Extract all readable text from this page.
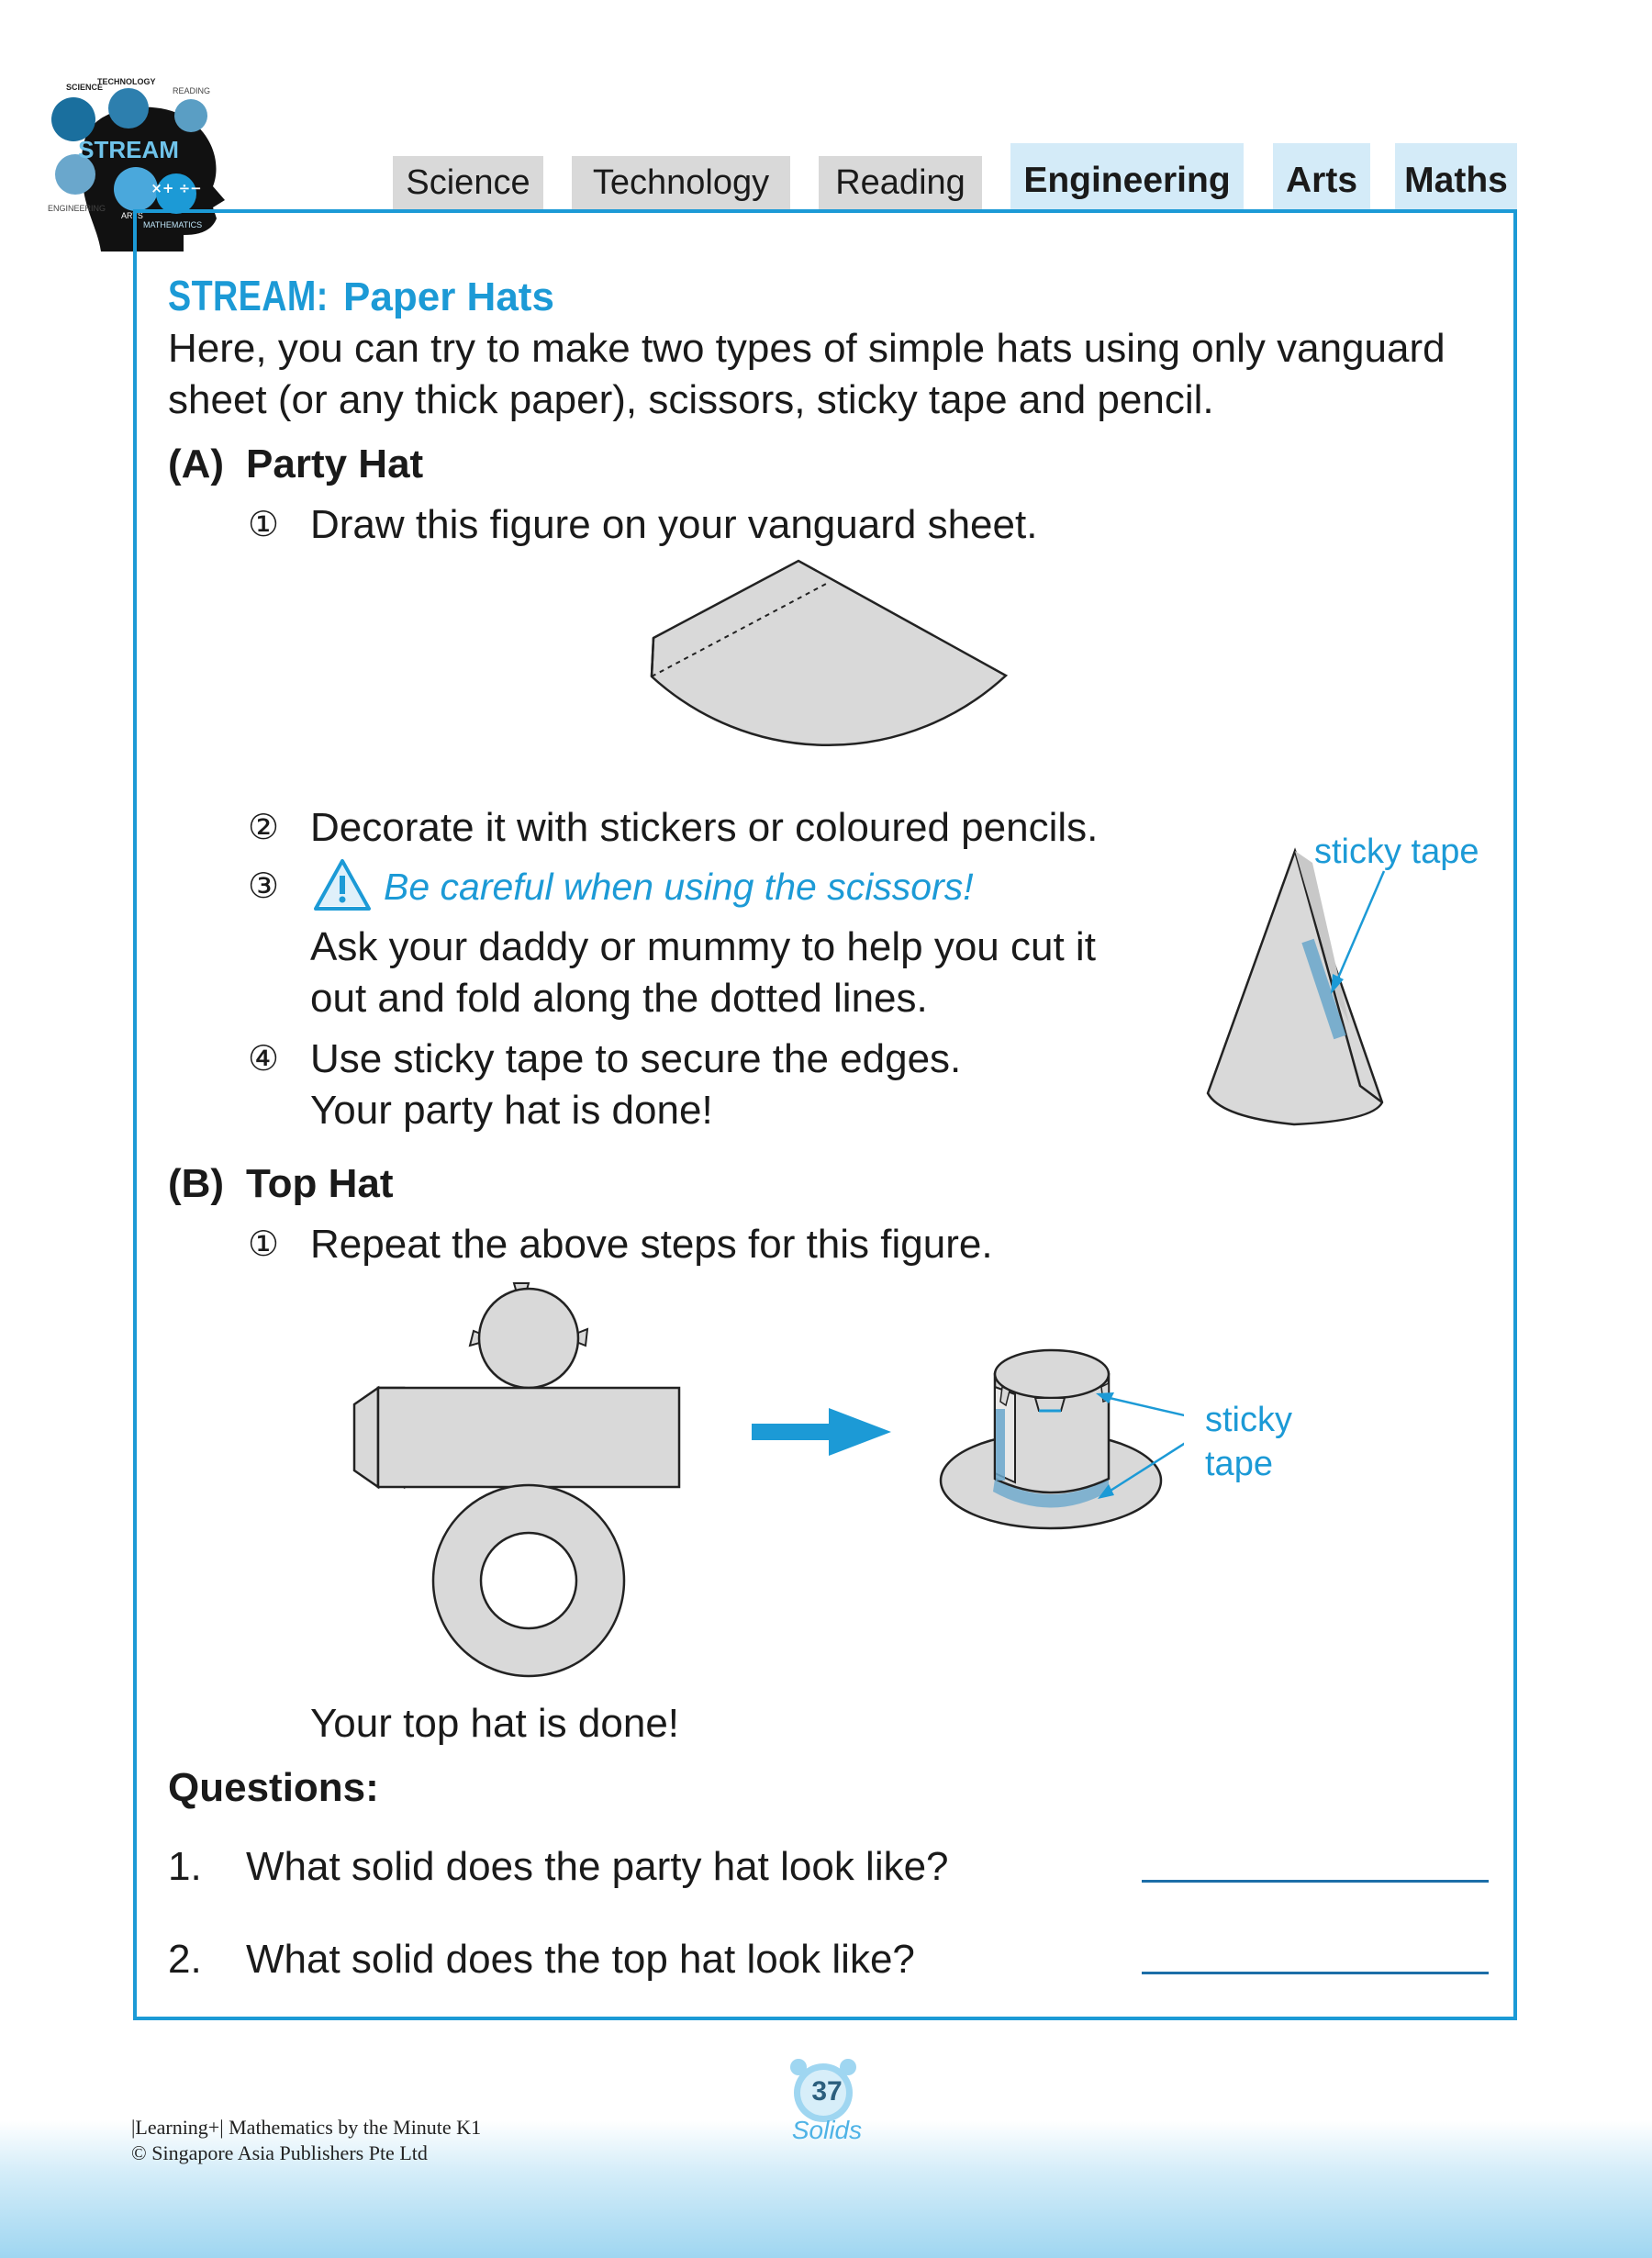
×+ ÷−
STREAM
SCIENCE
TECHNOLOGY
READING
ENGINEERING
ARTS
MATHEMATICS
Science	Technology	Reading	Engineering	Arts	Maths
STREAM: Paper Hats
Here, you can try to make two types of simple hats using only vanguard
sheet (or any thick paper), scissors, sticky tape and pencil.
(A) Party Hat
① Draw this figure on your vanguard sheet.
② Decorate it with stickers or coloured pencils.
③	Be careful when using the scissors!
Ask your daddy or mummy to help you cut it
out and fold along the dotted lines.
④ Use sticky tape to secure the edges.
Your party hat is done!
sticky tape
(B) Top Hat
① Repeat the above steps for this figure.
sticky
tape
Your top hat is done!
Questions:
1. What solid does the party hat look like?
2. What solid does the top hat look like?
|Learning+| Mathematics by the Minute K1
© Singapore Asia Publishers Pte Ltd
37
Solids
